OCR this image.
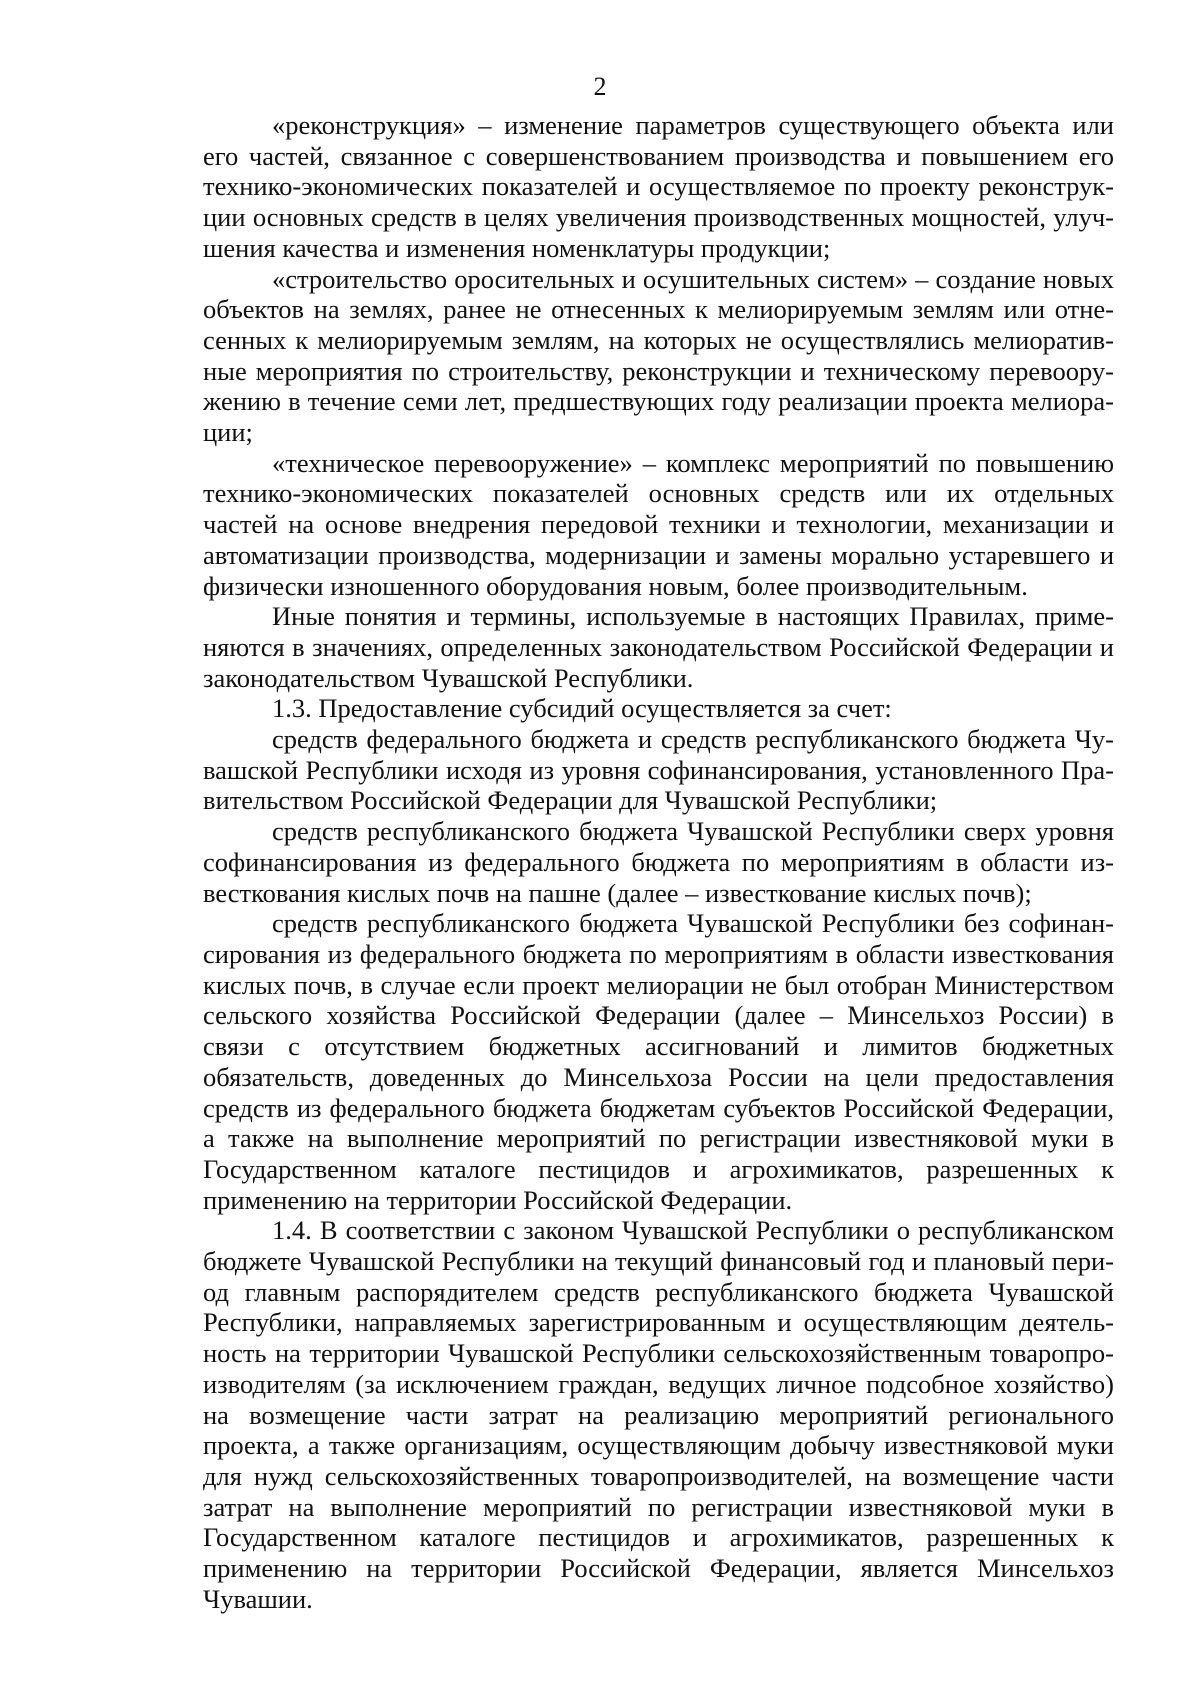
2

«реконструкция» – изменение параметров существующего объекта или его частей, связанное с совершенствованием производства и повышением его технико-экономических показателей и осуществляемое по проекту реконструкции основных средств в целях увеличения производственных мощностей, улучшения качества и изменения номенклатуры продукции;

«строительство оросительных и осушительных систем» – создание новых объектов на землях, ранее не отнесенных к мелиорируемым землям или отнесенных к мелиорируемым землям, на которых не осуществлялись мелиоративные мероприятия по строительству, реконструкции и техническому перевооружению в течение семи лет, предшествующих году реализации проекта мелиорации;

«техническое перевооружение» – комплекс мероприятий по повышению технико-экономических показателей основных средств или их отдельных частей на основе внедрения передовой техники и технологии, механизации и автоматизации производства, модернизации и замены морально устаревшего и физически изношенного оборудования новым, более производительным.

Иные понятия и термины, используемые в настоящих Правилах, применяются в значениях, определенных законодательством Российской Федерации и законодательством Чувашской Республики.

1.3. Предоставление субсидий осуществляется за счет:

средств федерального бюджета и средств республиканского бюджета Чувашской Республики исходя из уровня софинансирования, установленного Правительством Российской Федерации для Чувашской Республики;

средств республиканского бюджета Чувашской Республики сверх уровня софинансирования из федерального бюджета по мероприятиям в области известкования кислых почв на пашне (далее – известкование кислых почв);

средств республиканского бюджета Чувашской Республики без софинансирования из федерального бюджета по мероприятиям в области известкования кислых почв, в случае если проект мелиорации не был отобран Министерством сельского хозяйства Российской Федерации (далее – Минсельхоз России) в связи с отсутствием бюджетных ассигнований и лимитов бюджетных обязательств, доведенных до Минсельхоза России на цели предоставления средств из федерального бюджета бюджетам субъектов Российской Федерации, а также на выполнение мероприятий по регистрации известняковой муки в Государственном каталоге пестицидов и агрохимикатов, разрешенных к применению на территории Российской Федерации.

1.4. В соответствии с законом Чувашской Республики о республиканском бюджете Чувашской Республики на текущий финансовый год и плановый период главным распорядителем средств республиканского бюджета Чувашской Республики, направляемых зарегистрированным и осуществляющим деятельность на территории Чувашской Республики сельскохозяйственным товаропроизводителям (за исключением граждан, ведущих личное подсобное хозяйство) на возмещение части затрат на реализацию мероприятий регионального проекта, а также организациям, осуществляющим добычу известняковой муки для нужд сельскохозяйственных товаропроизводителей, на возмещение части затрат на выполнение мероприятий по регистрации известняковой муки в Государственном каталоге пестицидов и агрохимикатов, разрешенных к применению на территории Российской Федерации, является Минсельхоз Чувашии.
